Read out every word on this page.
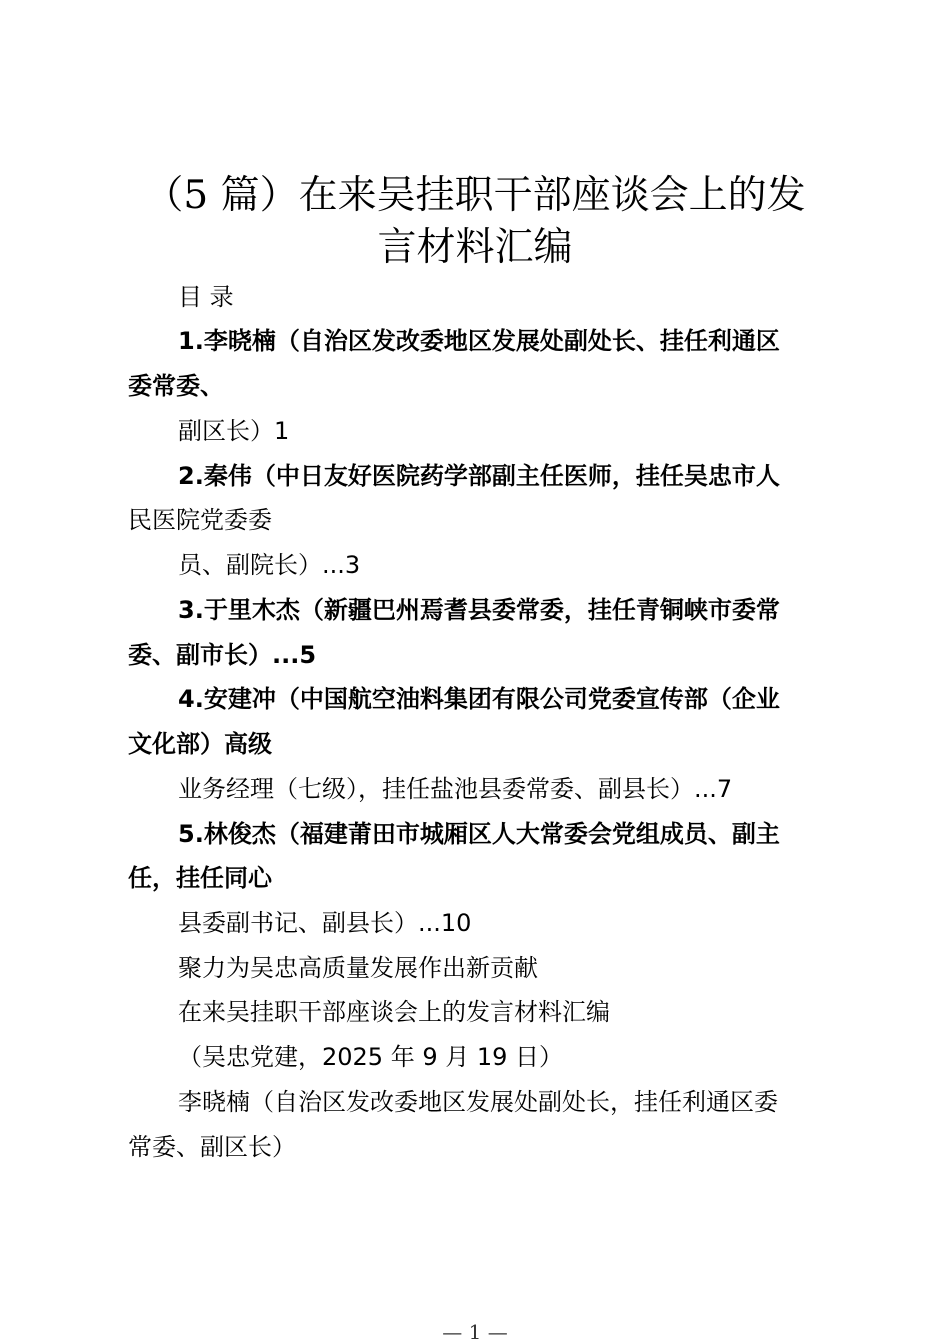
（5 篇）在来吴挂职干部座谈会上的发
言材料汇编
目 录
1.李晓楠（自治区发改委地区发展处副处长、挂任利通区
委常委、
副区长）1
2.秦伟（中日友好医院药学部副主任医师，挂任吴忠市人
民医院党委委
员、副院长）...3
3.于里木杰（新疆巴州焉耆县委常委，挂任青铜峡市委常
委、副市长）...5
4.安建冲（中国航空油料集团有限公司党委宣传部（企业
文化部）高级
业务经理（七级），挂任盐池县委常委、副县长）...7
5.林俊杰（福建莆田市城厢区人大常委会党组成员、副主
任，挂任同心
县委副书记、副县长）...10
聚力为吴忠高质量发展作出新贡献
在来吴挂职干部座谈会上的发言材料汇编
（吴忠党建，2025 年 9 月 19 日）
李晓楠（自治区发改委地区发展处副处长，挂任利通区委
常委、副区长）
— 1 —
